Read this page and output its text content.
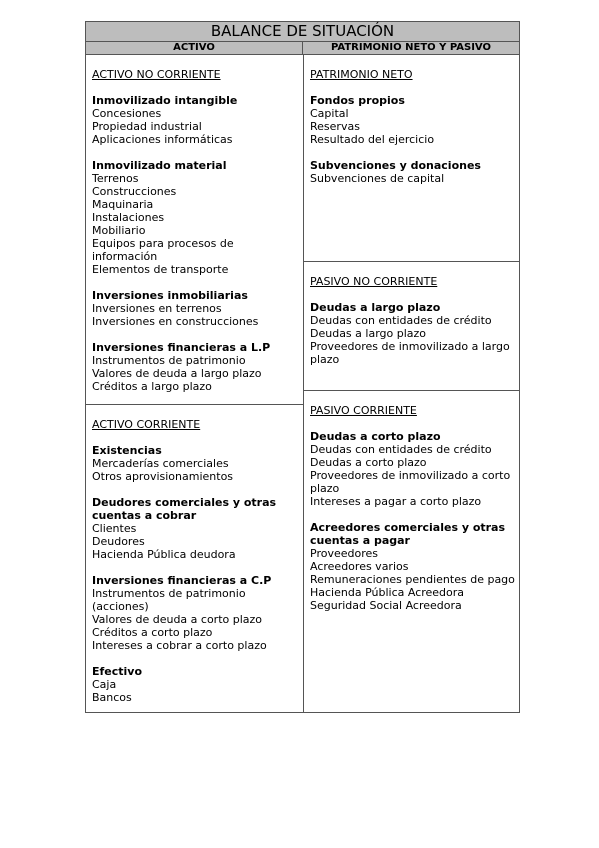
BALANCE DE SITUACIÓN
ACTIVO	PATRIMONIO NETO Y PASIVO
ACTIVO NO CORRIENTE
Inmovilizado intangible
Concesiones
Propiedad industrial
Aplicaciones informáticas
Inmovilizado material
Terrenos
Construcciones
Maquinaria
Instalaciones
Mobiliario
Equipos para procesos de información
Elementos de transporte
Inversiones inmobiliarias
Inversiones en terrenos
Inversiones en construcciones
Inversiones financieras a L.P
Instrumentos de patrimonio
Valores de deuda a largo plazo
Créditos a largo plazo
ACTIVO CORRIENTE
Existencias
Mercaderías comerciales
Otros aprovisionamientos
Deudores comerciales y otras cuentas a cobrar
Clientes
Deudores
Hacienda Pública deudora
Inversiones financieras a C.P
Instrumentos de patrimonio (acciones)
Valores de deuda a corto plazo
Créditos a corto plazo
Intereses a cobrar a corto plazo
Efectivo
Caja
Bancos
PATRIMONIO NETO
Fondos propios
Capital
Reservas
Resultado del ejercicio
Subvenciones y donaciones
Subvenciones de capital
PASIVO NO CORRIENTE
Deudas a largo plazo
Deudas con entidades de crédito
Deudas a largo plazo
Proveedores de inmovilizado a largo plazo
PASIVO CORRIENTE
Deudas a corto plazo
Deudas con entidades de crédito
Deudas a corto plazo
Proveedores de inmovilizado a corto plazo
Intereses a pagar a corto plazo
Acreedores comerciales y otras cuentas a pagar
Proveedores
Acreedores varios
Remuneraciones pendientes de pago
Hacienda Pública Acreedora
Seguridad Social Acreedora
